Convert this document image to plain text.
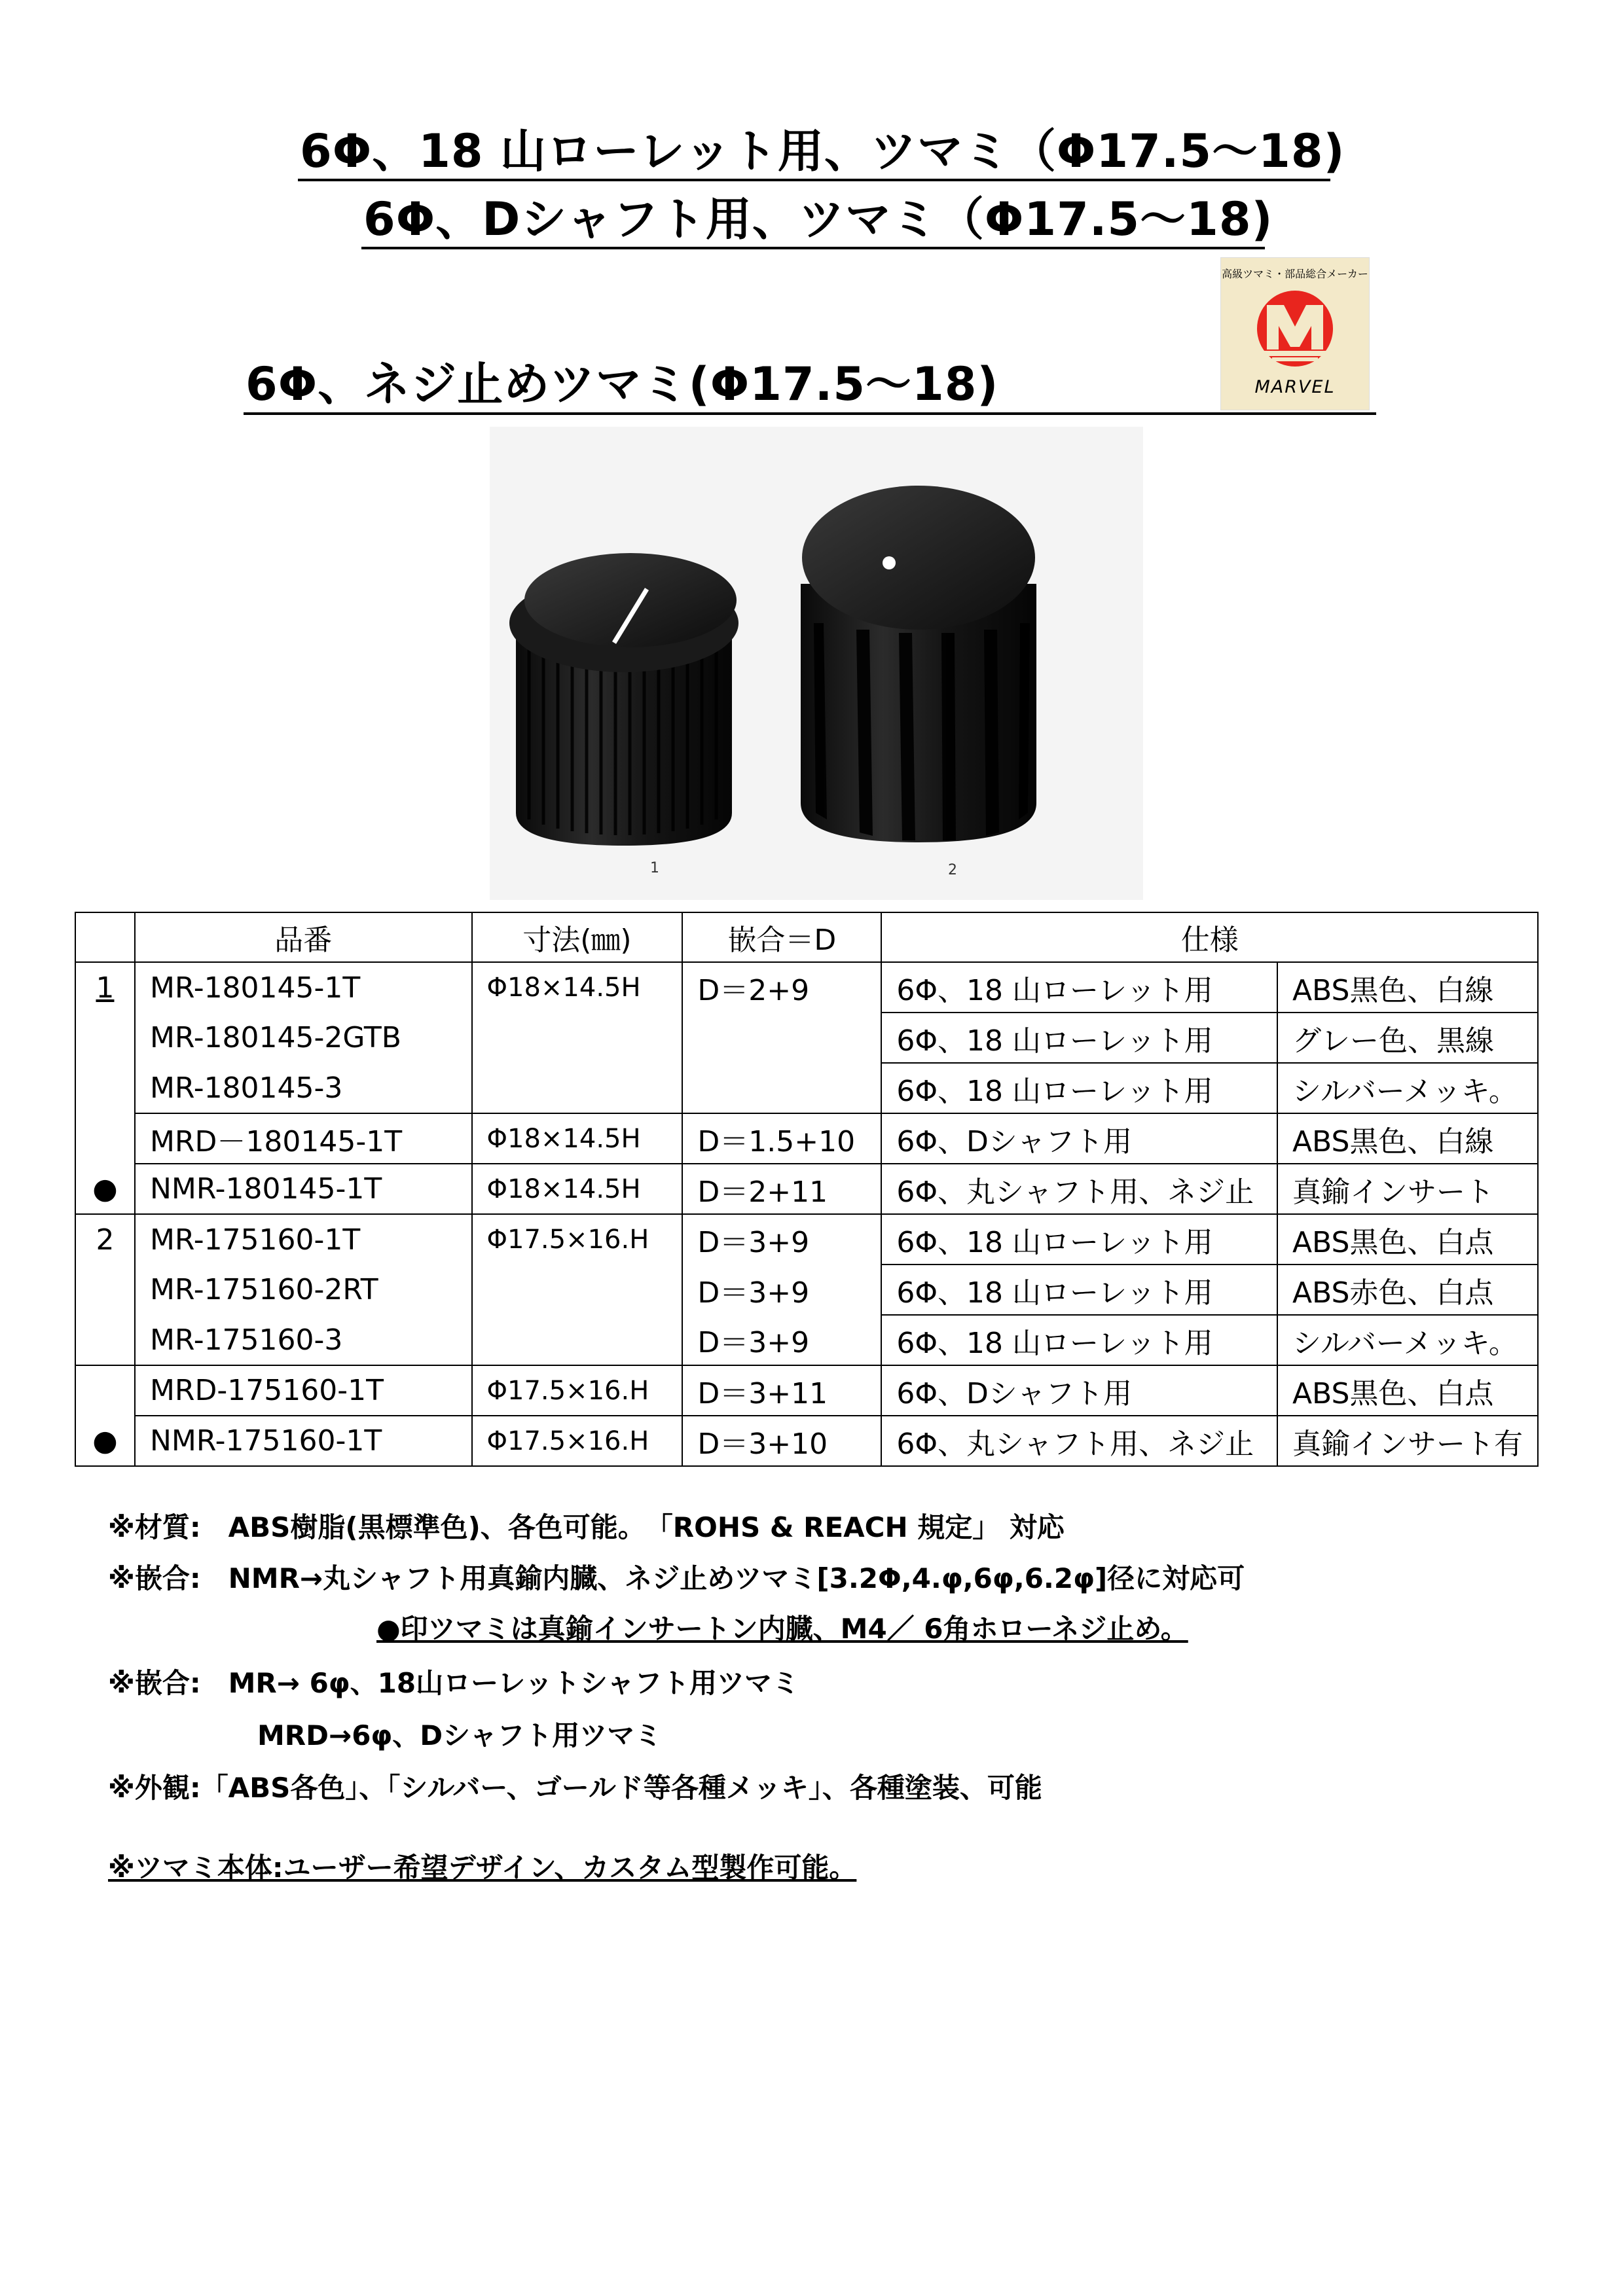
6Φ、18 山ローレット用、ツマミ（Φ17.5〜18)
6Φ、Dシャフト用、ツマミ（Φ17.5〜18)
6Φ、ネジ止めツマミ(Φ17.5〜18)
高級ツマミ・部品総合メーカー
MARVEL
1	2
	品番	寸法(㎜)	嵌合＝D	仕様	
1	MR-180145-1T	Φ18×14.5H	D＝2+9	6Φ、18 山ローレット用	ABS黒色、白線
	MR-180145-2GTB			6Φ、18 山ローレット用	グレー色、黒線
	MR-180145-3			6Φ、18 山ローレット用	シルバーメッキ。
	MRD－180145-1T	Φ18×14.5H	D＝1.5+10	6Φ、Dシャフト用	ABS黒色、白線
●	NMR-180145-1T	Φ18×14.5H	D＝2+11	6Φ、丸シャフト用、ネジ止	真鍮インサート
2	MR-175160-1T	Φ17.5×16.H	D＝3+9	6Φ、18 山ローレット用	ABS黒色、白点
	MR-175160-2RT		D＝3+9	6Φ、18 山ローレット用	ABS赤色、白点
	MR-175160-3		D＝3+9	6Φ、18 山ローレット用	シルバーメッキ。
	MRD-175160-1T	Φ17.5×16.H	D＝3+11	6Φ、Dシャフト用	ABS黒色、白点
●	NMR-175160-1T	Φ17.5×16.H	D＝3+10	6Φ、丸シャフト用、ネジ止	真鍮インサート有
※材質:　ABS樹脂(黒標準色)、各色可能。　「ROHS & REACH 規定」 対応
※嵌合:　NMR→丸シャフト用真鍮内臓、ネジ止めツマミ[3.2Φ,4.φ,6φ,6.2φ]径に対応可
●印ツマミは真鍮インサートン内臓、M4／ 6角ホローネジ止め。
※嵌合:　MR→ 6φ、18山ローレットシャフト用ツマミ
MRD→6φ、Dシャフト用ツマミ
※外観:「ABS各色」、「シルバー、ゴールド等各種メッキ」、各種塗装、可能
※ツマミ本体:ユーザー希望デザイン、カスタム型製作可能。
